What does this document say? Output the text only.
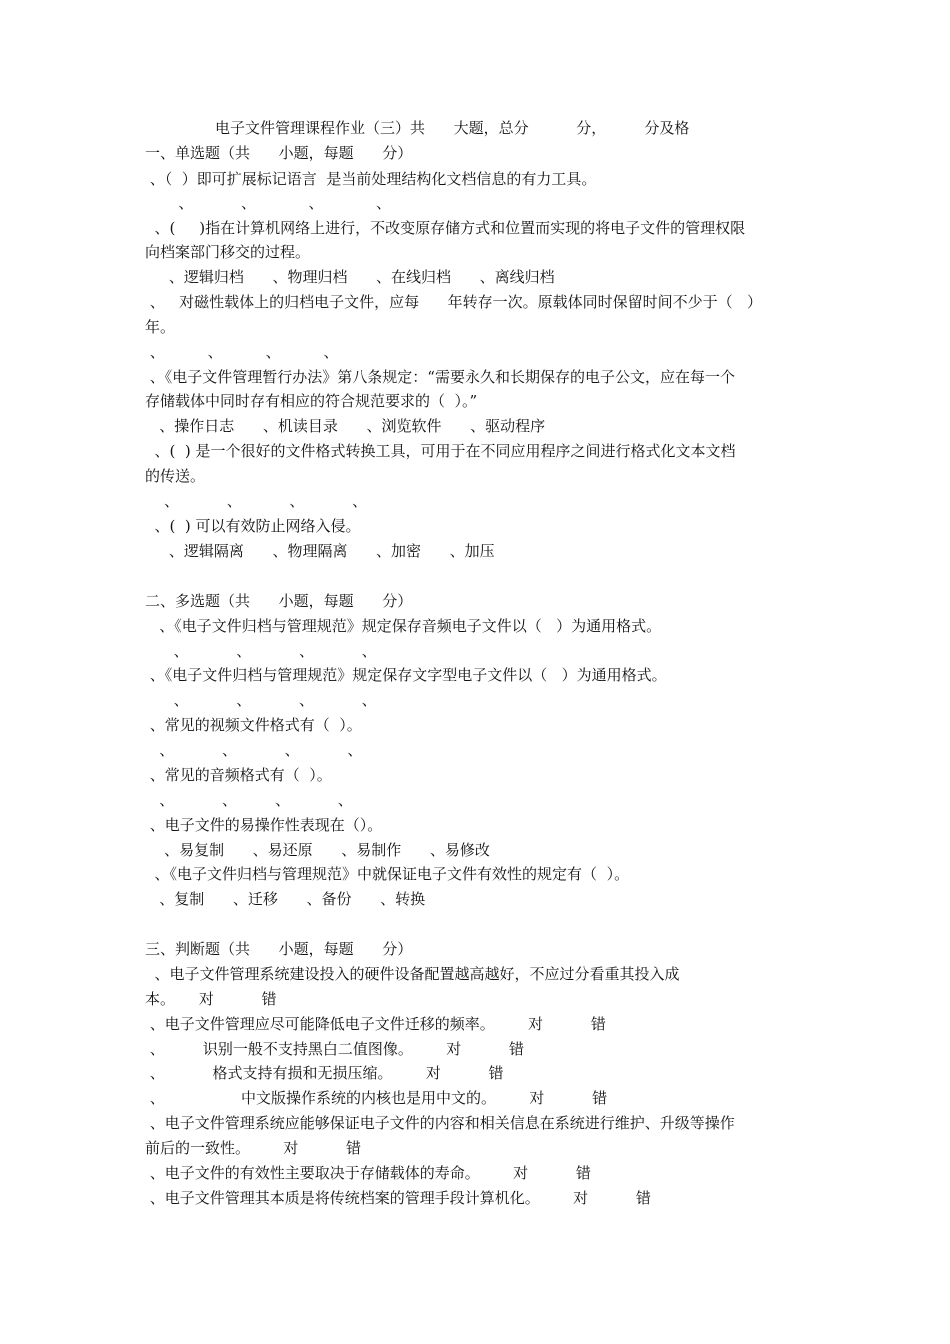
电子文件管理课程作业（三）共      大题，总分          分，        分及格

一、单选题（共      小题，每题      分）

、（  ）即可扩展标记语言  是当前处理结构化文档信息的有力工具。

、          、           、           、

、(     )指在计算机网络上进行，不改变原存储方式和位置而实现的将电子文件的管理权限

向档案部门移交的过程。

、逻辑归档      、物理归档      、在线归档      、离线归档

、   对磁性载体上的归档电子文件，应每      年转存一次。原载体同时保留时间不少于（   ）

年。

、         、         、         、

、《电子文件管理暂行办法》第八条规定：“需要永久和长期保存的电子公文，应在每一个

存储载体中同时存有相应的符合规范要求的（  ）。”

、操作日志      、机读目录      、浏览软件      、驱动程序

、(  ) 是一个很好的文件格式转换工具，可用于在不同应用程序之间进行格式化文本文档

的传送。

、          、          、          、

、(  ) 可以有效防止网络入侵。

、逻辑隔离      、物理隔离      、加密      、加压

二、多选题（共      小题，每题      分）

、《电子文件归档与管理规范》规定保存音频电子文件以（   ）为通用格式。

、          、          、          、

、《电子文件归档与管理规范》规定保存文字型电子文件以（   ）为通用格式。

、          、          、          、

、常见的视频文件格式有（  ）。

、          、          、          、

、常见的音频格式有（  ）。

、          、        、          、

、电子文件的易操作性表现在（）。

、易复制      、易还原      、易制作      、易修改

、《电子文件归档与管理规范》中就保证电子文件有效性的规定有（  ）。

、复制      、迁移      、备份      、转换

三、判断题（共      小题，每题      分）

、电子文件管理系统建设投入的硬件设备配置越高越好，不应过分看重其投入成

本。     对          错

、电子文件管理应尽可能降低电子文件迁移的频率。       对          错

、        识别一般不支持黑白二值图像。       对          错

、          格式支持有损和无损压缩。       对          错

、                中文版操作系统的内核也是用中文的。       对          错

、电子文件管理系统应能够保证电子文件的内容和相关信息在系统进行维护、升级等操作

前后的一致性。       对          错

、电子文件的有效性主要取决于存储载体的寿命。       对          错

、电子文件管理其本质是将传统档案的管理手段计算机化。       对          错
